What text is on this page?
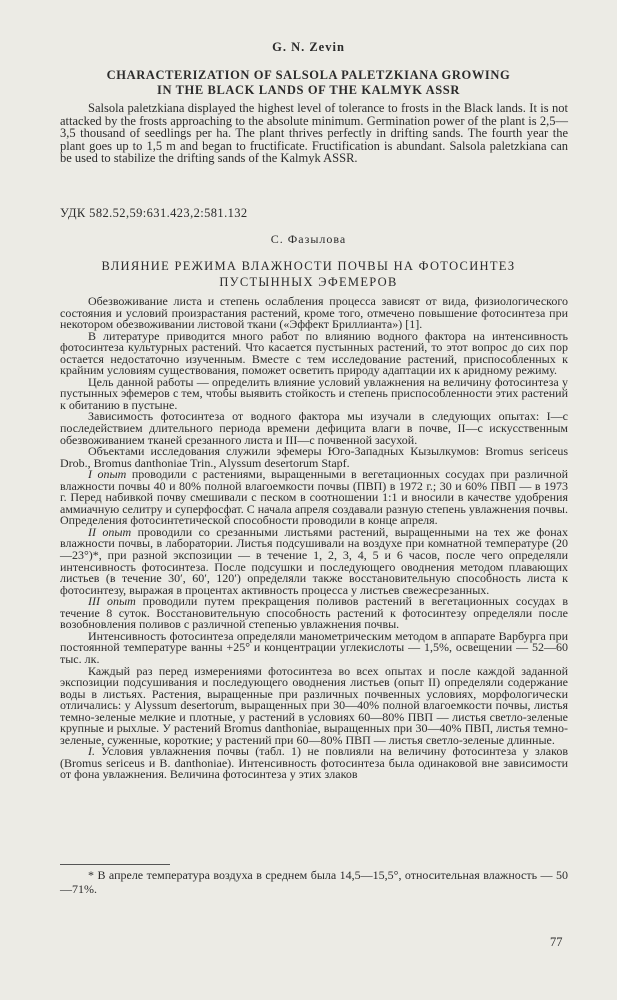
G. N. Zevin
CHARACTERIZATION OF SALSOLA PALETZKIANA GROWING
IN THE BLACK LANDS OF THE KALMYK ASSR

Salsola paletzkiana displayed the highest level of tolerance to frosts in the Black lands. It is not attacked by the frosts approaching to the absolute minimum. Germination power of the plant is 2,5—3,5 thousand of seedlings per ha. The plant thrives perfectly in drifting sands. The fourth year the plant goes up to 1,5 m and began to fructificate. Fructification is abundant. Salsola paletzkiana can be used to stabilize the drifting sands of the Kalmyk ASSR.

УДК 582.52,59:631.423,2:581.132
С. Фазылова
ВЛИЯНИЕ РЕЖИМА ВЛАЖНОСТИ ПОЧВЫ НА ФОТОСИНТЕЗ
ПУСТЫННЫХ ЭФЕМЕРОВ

Обезвоживание листа и степень ослабления процесса зависят от вида, физиологического состояния и условий произрастания растений, кроме того, отмечено повышение фотосинтеза при некотором обезвоживании листовой ткани («Эффект Бриллианта») [1].

В литературе приводится много работ по влиянию водного фактора на интенсивность фотосинтеза культурных растений. Что касается пустынных растений, то этот вопрос до сих пор остается недостаточно изученным. Вместе с тем исследование растений, приспособленных к крайним условиям существования, поможет осветить природу адаптации их к аридному режиму.

Цель данной работы — определить влияние условий увлажнения на величину фотосинтеза у пустынных эфемеров с тем, чтобы выявить стойкость и степень приспособленности этих растений к обитанию в пустыне.

Зависимость фотосинтеза от водного фактора мы изучали в следующих опытах: I—с последействием длительного периода времени дефицита влаги в почве, II—с искусственным обезвоживанием тканей срезанного листа и III—с почвенной засухой.

Объектами исследования служили эфемеры Юго-Западных Кызылкумов: Bromus sericeus Drob., Bromus danthoniae Trin., Alyssum desertorum Stapf.

I опыт проводили с растениями, выращенными в вегетационных сосудах при различной влажности почвы 40 и 80% полной влагоемкости почвы (ПВП) в 1972 г.; 30 и 60% ПВП — в 1973 г. Перед набивкой почву смешивали с песком в соотношении 1:1 и вносили в качестве удобрения аммиачную селитру и суперфосфат. С начала апреля создавали разную степень увлажнения почвы. Определения фотосинтетической способности проводили в конце апреля.

II опыт проводили со срезанными листьями растений, выращенными на тех же фонах влажности почвы, в лаборатории. Листья подсушивали на воздухе при комнатной температуре (20—23°)*, при разной экспозиции — в течение 1, 2, 3, 4, 5 и 6 часов, после чего определяли интенсивность фотосинтеза. После подсушки и последующего оводнения методом плавающих листьев (в течение 30′, 60′, 120′) определяли также восстановительную способность листа к фотосинтезу, выражая в процентах активность процесса у листьев свежесрезанных.

III опыт проводили путем прекращения поливов растений в вегетационных сосудах в течение 8 суток. Восстановительную способность растений к фотосинтезу определяли после возобновления поливов с различной степенью увлажнения почвы.

Интенсивность фотосинтеза определяли манометрическим методом в аппарате Варбурга при постоянной температуре ванны +25° и концентрации углекислоты — 1,5%, освещении — 52—60 тыс. лк.

Каждый раз перед измерениями фотосинтеза во всех опытах и после каждой заданной экспозиции подсушивания и последующего оводнения листьев (опыт II) определяли содержание воды в листьях. Растения, выращенные при различных почвенных условиях, морфологически отличались: у Alyssum desertorum, выращенных при 30—40% полной влагоемкости почвы, листья темно-зеленые мелкие и плотные, у растений в условиях 60—80% ПВП — листья светло-зеленые крупные и рыхлые. У растений Bromus danthoniae, выращенных при 30—40% ПВП, листья темно-зеленые, суженные, короткие; у растений при 60—80% ПВП — листья светло-зеленые длинные.

I. Условия увлажнения почвы (табл. 1) не повлияли на величину фотосинтеза у злаков (Bromus sericeus и B. danthoniae). Интенсивность фотосинтеза была одинаковой вне зависимости от фона увлажнения. Величина фотосинтеза у этих злаков

* В апреле температура воздуха в среднем была 14,5—15,5°, относительная влажность — 50—71%.
77
